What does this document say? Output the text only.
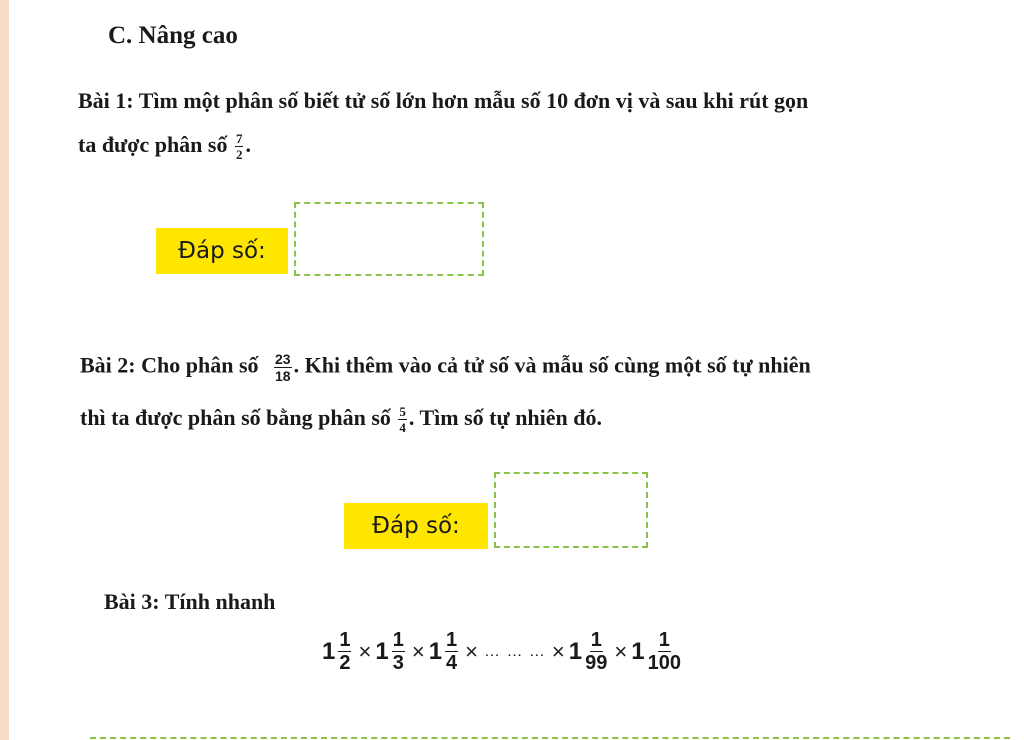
C. Nâng cao
Bài 1: Tìm một phân số biết tử số lớn hơn mẫu số 10 đơn vị và sau khi rút gọn
ta được phân số $\frac{7}{2}$ .
Đáp số:
Bài 2: Cho phân số $\frac{23}{18}$ . Khi thêm vào cả tử số và mẫu số cùng một số tự nhiên
thì ta được phân số bằng phân số $\frac{5}{4}$ . Tìm số tự nhiên đó.
Đáp số:
Bài 3: Tính nhanh
$1 \frac{1}{2} \times 1 \frac{1}{3} \times 1 \frac{1}{4}$ × … … … × $1 \frac{1}{99} \times 1 \frac{1}{100}$
